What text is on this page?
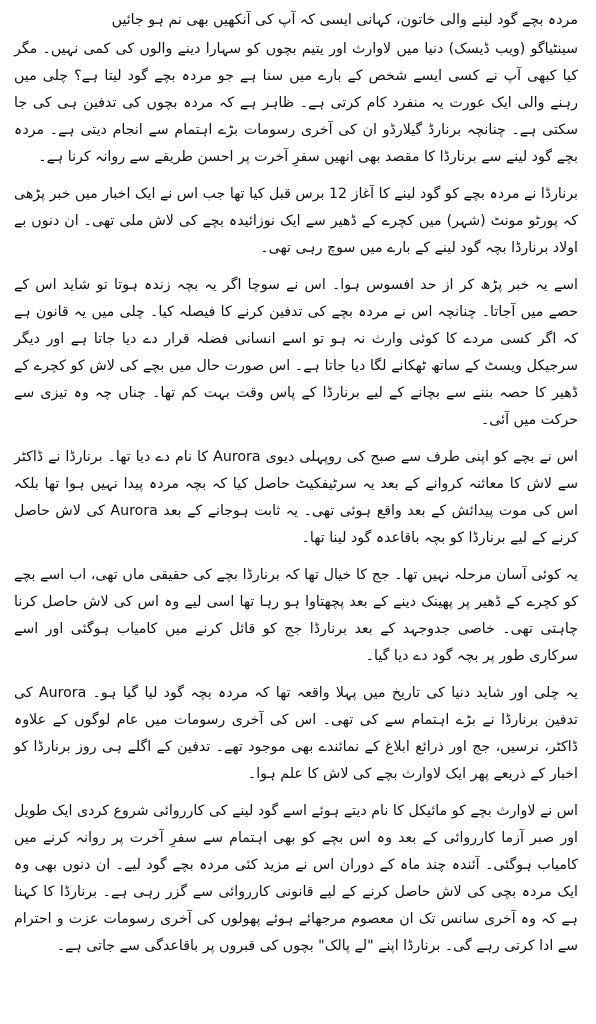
مردہ بچے گود لینے والی خاتون، کہانی ایسی کہ آپ کی آنکھیں بھی نم ہو جائیں

سینٹیاگو (ویب ڈیسک) دنیا میں لاوارث اور یتیم بچوں کو سہارا دینے والوں کی کمی نہیں۔ مگر کیا کبھی آپ نے کسی ایسے شخص کے بارے میں سنا ہے جو مردہ بچے گود لیتا ہے؟ چلی میں رہنے والی ایک عورت یہ منفرد کام کرتی ہے۔ ظاہر ہے کہ مردہ بچوں کی تدفین ہی کی جا سکتی ہے۔ چنانچہ برنارڈ گیلارڈو ان کی آخری رسومات بڑے اہتمام سے انجام دیتی ہے۔ مردہ بچے گود لینے سے برنارڈا کا مقصد بھی انھیں سفرِ آخرت پر احسن طریقے سے روانہ کرنا ہے۔

برنارڈا نے مردہ بچے کو گود لینے کا آغاز 12 برس قبل کیا تھا جب اس نے ایک اخبار میں خبر پڑھی کہ پورٹو مونٹ (شہر) میں کچرے کے ڈھیر سے ایک نوزائیدہ بچے کی لاش ملی تھی۔ ان دنوں بے اولاد برنارڈا بچہ گود لینے کے بارے میں سوچ رہی تھی۔

اسے یہ خبر پڑھ کر از حد افسوس ہوا۔ اس نے سوچا اگر یہ بچہ زندہ ہوتا تو شاید اس کے حصے میں آجاتا۔ چنانچہ اس نے مردہ بچے کی تدفین کرنے کا فیصلہ کیا۔ چلی میں یہ قانون ہے کہ اگر کسی مردے کا کوئی وارث نہ ہو تو اسے انسانی فضلہ قرار دے دیا جاتا ہے اور دیگر سرجیکل ویسٹ کے ساتھ ٹھکانے لگا دیا جاتا ہے۔ اس صورت حال میں بچے کی لاش کو کچرے کے ڈھیر کا حصہ بننے سے بچانے کے لیے برنارڈا کے پاس وقت بہت کم تھا۔ چناں چہ وہ تیزی سے حرکت میں آئی۔

اس نے بچے کو اپنی طرف سے صبح کی روپہلی دیوی Aurora کا نام دے دیا تھا۔ برنارڈا نے ڈاکٹر سے لاش کا معائنہ کروانے کے بعد یہ سرٹیفکیٹ حاصل کیا کہ بچہ مردہ پیدا نہیں ہوا تھا بلکہ اس کی موت پیدائش کے بعد واقع ہوئی تھی۔ یہ ثابت ہوجانے کے بعد Aurora کی لاش حاصل کرنے کے لیے برنارڈا کو بچہ باقاعدہ گود لینا تھا۔

یہ کوئی آسان مرحلہ نہیں تھا۔ جج کا خیال تھا کہ برنارڈا بچے کی حقیقی ماں تھی، اب اسے بچے کو کچرے کے ڈھیر پر پھینک دینے کے بعد پچھتاوا ہو رہا تھا اسی لیے وہ اس کی لاش حاصل کرنا چاہتی تھی۔ خاصی جدوجہد کے بعد برنارڈا جج کو قائل کرنے میں کامیاب ہوگئی اور اسے سرکاری طور پر بچہ گود دے دیا گیا۔

یہ چلی اور شاید دنیا کی تاریخ میں پہلا واقعہ تھا کہ مردہ بچہ گود لیا گیا ہو۔ Aurora کی تدفین برنارڈا نے بڑے اہتمام سے کی تھی۔ اس کی آخری رسومات میں عام لوگوں کے علاوہ ڈاکٹر، نرسیں، جج اور ذرائع ابلاغ کے نمائندے بھی موجود تھے۔ تدفین کے اگلے ہی روز برنارڈا کو اخبار کے ذریعے پھر ایک لاوارث بچے کی لاش کا علم ہوا۔

اس نے لاوارث بچے کو مائیکل کا نام دیتے ہوئے اسے گود لینے کی کارروائی شروع کردی ایک طویل اور صبر آزما کارروائی کے بعد وہ اس بچے کو بھی اہتمام سے سفرِ آخرت پر روانہ کرنے میں کامیاب ہوگئی۔ آئندہ چند ماہ کے دوران اس نے مزید کئی مردہ بچے گود لیے۔ ان دنوں بھی وہ ایک مردہ بچی کی لاش حاصل کرنے کے لیے قانونی کارروائی سے گزر رہی ہے۔ برنارڈا کا کہنا ہے کہ وہ آخری سانس تک ان معصوم مرجھائے ہوئے پھولوں کی آخری رسومات عزت و احترام سے ادا کرتی رہے گی۔ برنارڈا اپنے "لے پالک" بچوں کی قبروں پر باقاعدگی سے جاتی ہے۔
